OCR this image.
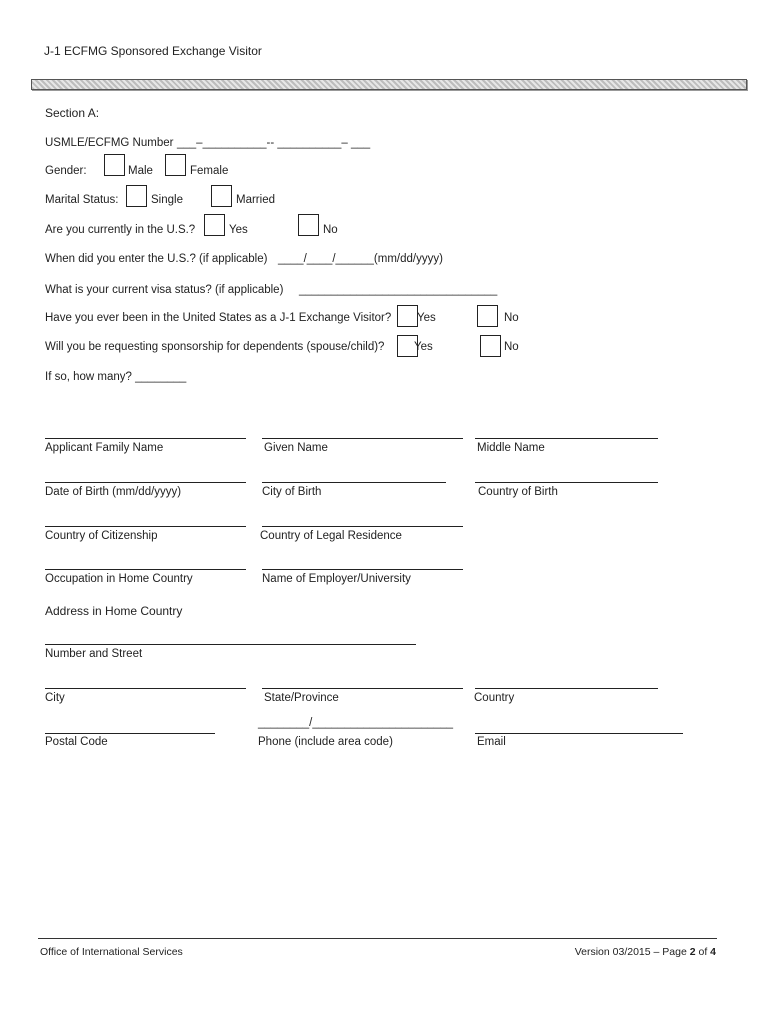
J-1 ECFMG Sponsored Exchange Visitor
Section A:
USMLE/ECFMG Number ___–__________-- __________– ___
Gender:	Male	Female
Marital Status:	Single	Married
Are you currently in the U.S.?	Yes	No
When did you enter the U.S.? (if applicable) ____/____/______(mm/dd/yyyy)
What is your current visa status? (if applicable) _______________________________
Have you ever been in the United States as a J-1 Exchange Visitor? Yes	No
Will you be requesting sponsorship for dependents (spouse/child)?	Yes	No
If so, how many? ________
Applicant Family Name	Given Name	Middle Name
Date of Birth (mm/dd/yyyy)	City of Birth	Country of Birth
Country of Citizenship	Country of Legal Residence
Occupation in Home Country	Name of Employer/University
Address in Home Country
Number and Street
City	State/Province	Country
________/______________________
Postal Code	Phone (include area code)	Email
Office of International Services	Version 03/2015 – Page 2 of 4
